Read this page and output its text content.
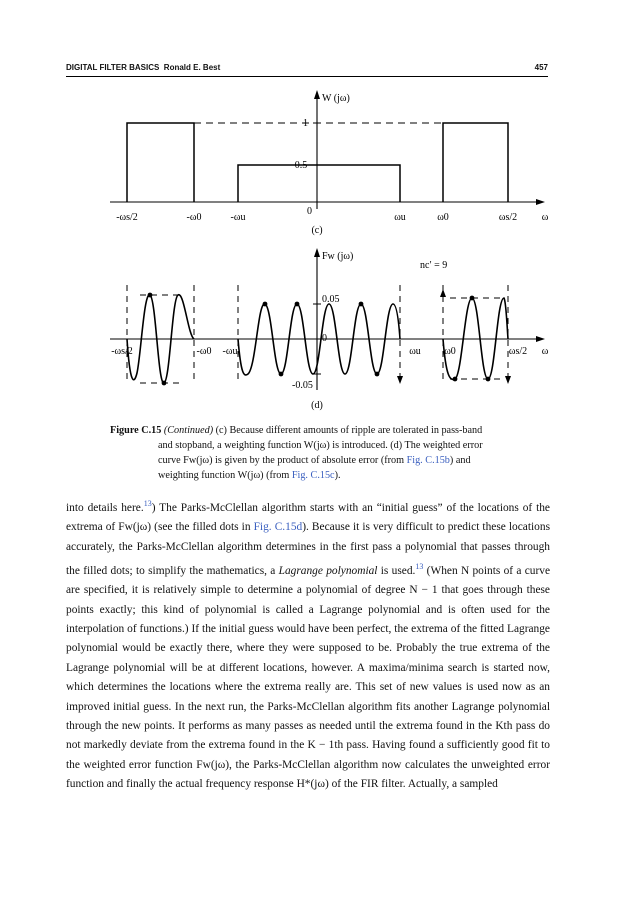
DIGITAL FILTER BASICS Ronald E. Best	457
1
0.5
W (jω)
0
-ωs/2	-ω0	-ωu	ωu	ω0	ωs/2 ω
(c)
0.05
-0.05
0
Fw (jω)
nc′ = 9
-ωs/2	-ω0 -ωu	ωu ω0	ωs/2 ω
(d)
Figure C.15 (Continued) (c) Because different amounts of ripple are tolerated in pass-band
and stopband, a weighting function W(jω) is introduced. (d) The weighted error
curve Fw(jω) is given by the product of absolute error (from Fig. C.15b) and
weighting function W(jω) (from Fig. C.15c).
into details here.$^{13}$) The Parks-McClellan algorithm starts with an “initial guess” of the locations of the extrema of Fw(jω) (see the filled dots in Fig. C.15d). Because it is very difficult to predict these locations accurately, the Parks-McClellan algorithm determines in the first pass a polynomial that passes through the filled dots; to simplify the mathematics, a Lagrange polynomial is used.$^{13}$ (When N points of a curve are specified, it is relatively simple to determine a polynomial of degree N − 1 that goes through these points exactly; this kind of polynomial is called a Lagrange polynomial and is often used for the interpolation of functions.) If the initial guess would have been perfect, the extrema of the fitted Lagrange polynomial would be exactly there, where they were supposed to be. Probably the true extrema of the Lagrange polynomial will be at different locations, however. A maxima/minima search is started now, which determines the locations where the extrema really are. This set of new values is used now as an improved initial guess. In the next run, the Parks-McClellan algorithm fits another Lagrange polynomial through the new points. It performs as many passes as needed until the extrema found in the Kth pass do not markedly deviate from the extrema found in the K − 1th pass. Having found a sufficiently good fit to the weighted error function Fw(jω), the Parks-McClellan algorithm now calculates the unweighted error function and finally the actual frequency response H*(jω) of the FIR filter. Actually, a sampled
